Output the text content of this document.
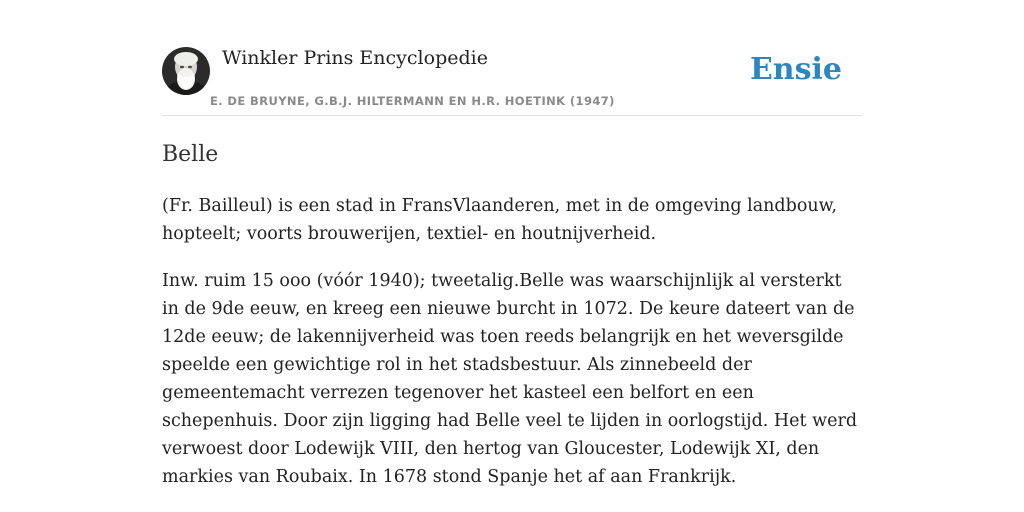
Winkler Prins Encyclopedie
E. DE BRUYNE, G.B.J. HILTERMANN EN H.R. HOETINK (1947)
Ensie
Belle

(Fr. Bailleul) is een stad in FransVlaanderen, met in de omgeving landbouw, hopteelt; voorts brouwerijen, textiel- en houtnijverheid.

Inw. ruim 15 ooo (vóór 1940); tweetalig.Belle was waarschijnlijk al versterkt in de 9de eeuw, en kreeg een nieuwe burcht in 1072. De keure dateert van de 12de eeuw; de lakennijverheid was toen reeds belangrijk en het weversgilde speelde een gewichtige rol in het stadsbestuur. Als zinnebeeld der gemeentemacht verrezen tegenover het kasteel een belfort en een schepenhuis. Door zijn ligging had Belle veel te lijden in oorlogstijd. Het werd verwoest door Lodewijk VIII, den hertog van Gloucester, Lodewijk XI, den markies van Roubaix. In 1678 stond Spanje het af aan Frankrijk.
